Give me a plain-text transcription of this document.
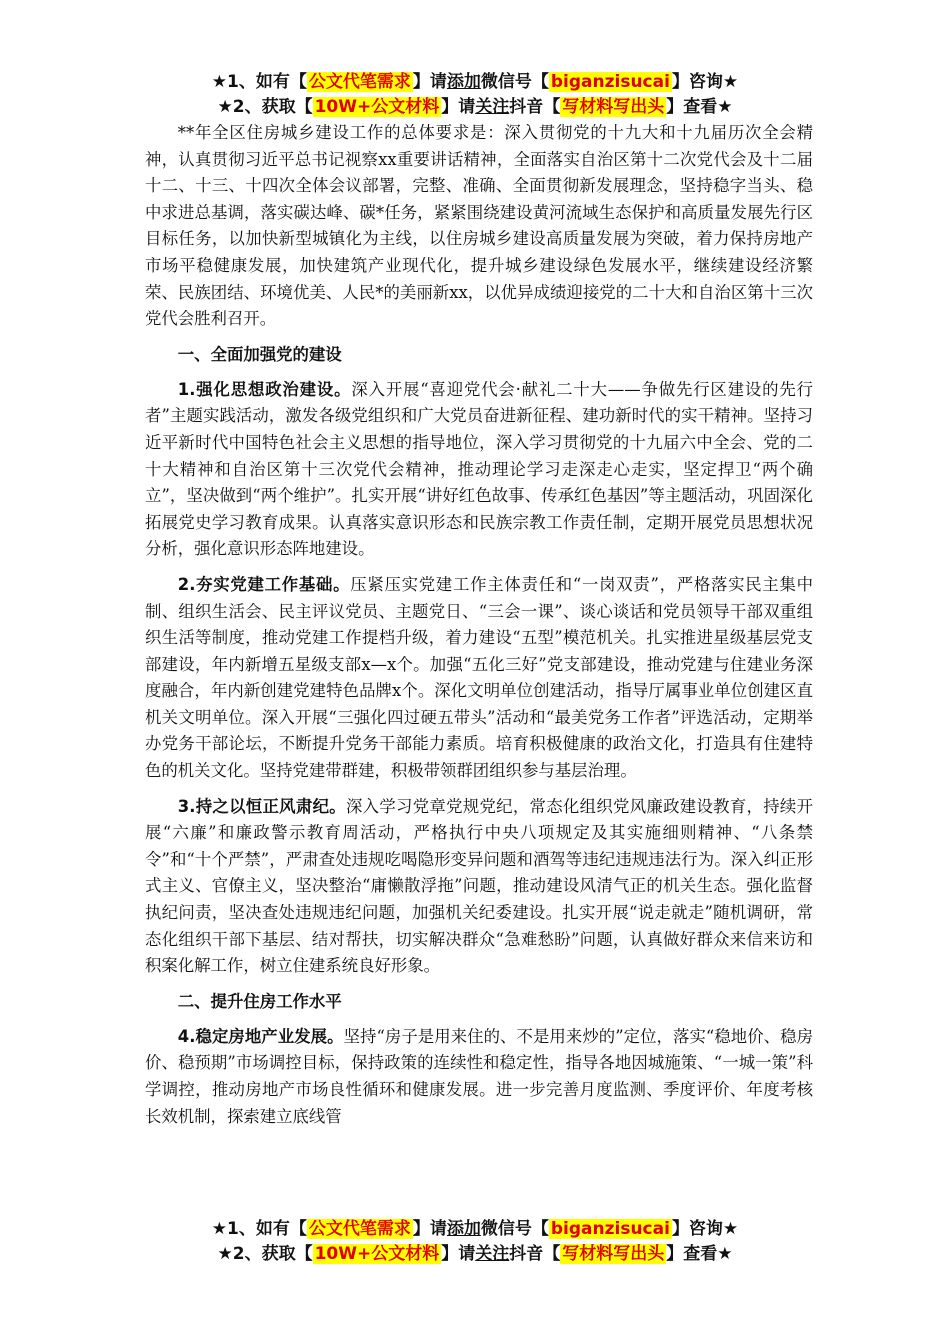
★1、如有【 公文代笔需求 】请添加微信号【 biganzisucai 】咨询★
★2、获取【 10W+公文材料 】请关注抖音【 写材料写出头 】查看★

**年全区住房城乡建设工作的总体要求是：深入贯彻党的十九大和十九届历次全会精神，认真贯彻习近平总书记视察xx重要讲话精神，全面落实自治区第十二次党代会及十二届十二、十三、十四次全体会议部署，完整、准确、全面贯彻新发展理念，坚持稳字当头、稳中求进总基调，落实碳达峰、碳*任务，紧紧围绕建设黄河流域生态保护和高质量发展先行区目标任务，以加快新型城镇化为主线，以住房城乡建设高质量发展为突破，着力保持房地产市场平稳健康发展，加快建筑产业现代化，提升城乡建设绿色发展水平，继续建设经济繁荣、民族团结、环境优美、人民*的美丽新xx，以优异成绩迎接党的二十大和自治区第十三次党代会胜利召开。

一、全面加强党的建设

1.强化思想政治建设。深入开展“喜迎党代会·献礼二十大——争做先行区建设的先行者”主题实践活动，激发各级党组织和广大党员奋进新征程、建功新时代的实干精神。坚持习近平新时代中国特色社会主义思想的指导地位，深入学习贯彻党的十九届六中全会、党的二十大精神和自治区第十三次党代会精神，推动理论学习走深走心走实，坚定捍卫“两个确立”，坚决做到“两个维护”。扎实开展“讲好红色故事、传承红色基因”等主题活动，巩固深化拓展党史学习教育成果。认真落实意识形态和民族宗教工作责任制，定期开展党员思想状况分析，强化意识形态阵地建设。

2.夯实党建工作基础。压紧压实党建工作主体责任和“一岗双责”，严格落实民主集中制、组织生活会、民主评议党员、主题党日、“三会一课”、谈心谈话和党员领导干部双重组织生活等制度，推动党建工作提档升级，着力建设“五型”模范机关。扎实推进星级基层党支部建设，年内新增五星级支部x—x个。加强“五化三好”党支部建设，推动党建与住建业务深度融合，年内新创建党建特色品牌x个。深化文明单位创建活动，指导厅属事业单位创建区直机关文明单位。深入开展“三强化四过硬五带头”活动和“最美党务工作者”评选活动，定期举办党务干部论坛，不断提升党务干部能力素质。培育积极健康的政治文化，打造具有住建特色的机关文化。坚持党建带群建，积极带领群团组织参与基层治理。

3.持之以恒正风肃纪。深入学习党章党规党纪，常态化组织党风廉政建设教育，持续开展“六廉”和廉政警示教育周活动，严格执行中央八项规定及其实施细则精神、“八条禁令”和“十个严禁”，严肃查处违规吃喝隐形变异问题和酒驾等违纪违规违法行为。深入纠正形式主义、官僚主义，坚决整治“庸懒散浮拖”问题，推动建设风清气正的机关生态。强化监督执纪问责，坚决查处违规违纪问题，加强机关纪委建设。扎实开展“说走就走”随机调研，常态化组织干部下基层、结对帮扶，切实解决群众“急难愁盼”问题，认真做好群众来信来访和积案化解工作，树立住建系统良好形象。

二、提升住房工作水平

4.稳定房地产业发展。坚持“房子是用来住的、不是用来炒的”定位，落实“稳地价、稳房价、稳预期”市场调控目标，保持政策的连续性和稳定性，指导各地因城施策、“一城一策”科学调控，推动房地产市场良性循环和健康发展。进一步完善月度监测、季度评价、年度考核长效机制，探索建立底线管

★1、如有【 公文代笔需求 】请添加微信号【 biganzisucai 】咨询★
★2、获取【 10W+公文材料 】请关注抖音【 写材料写出头 】查看★
